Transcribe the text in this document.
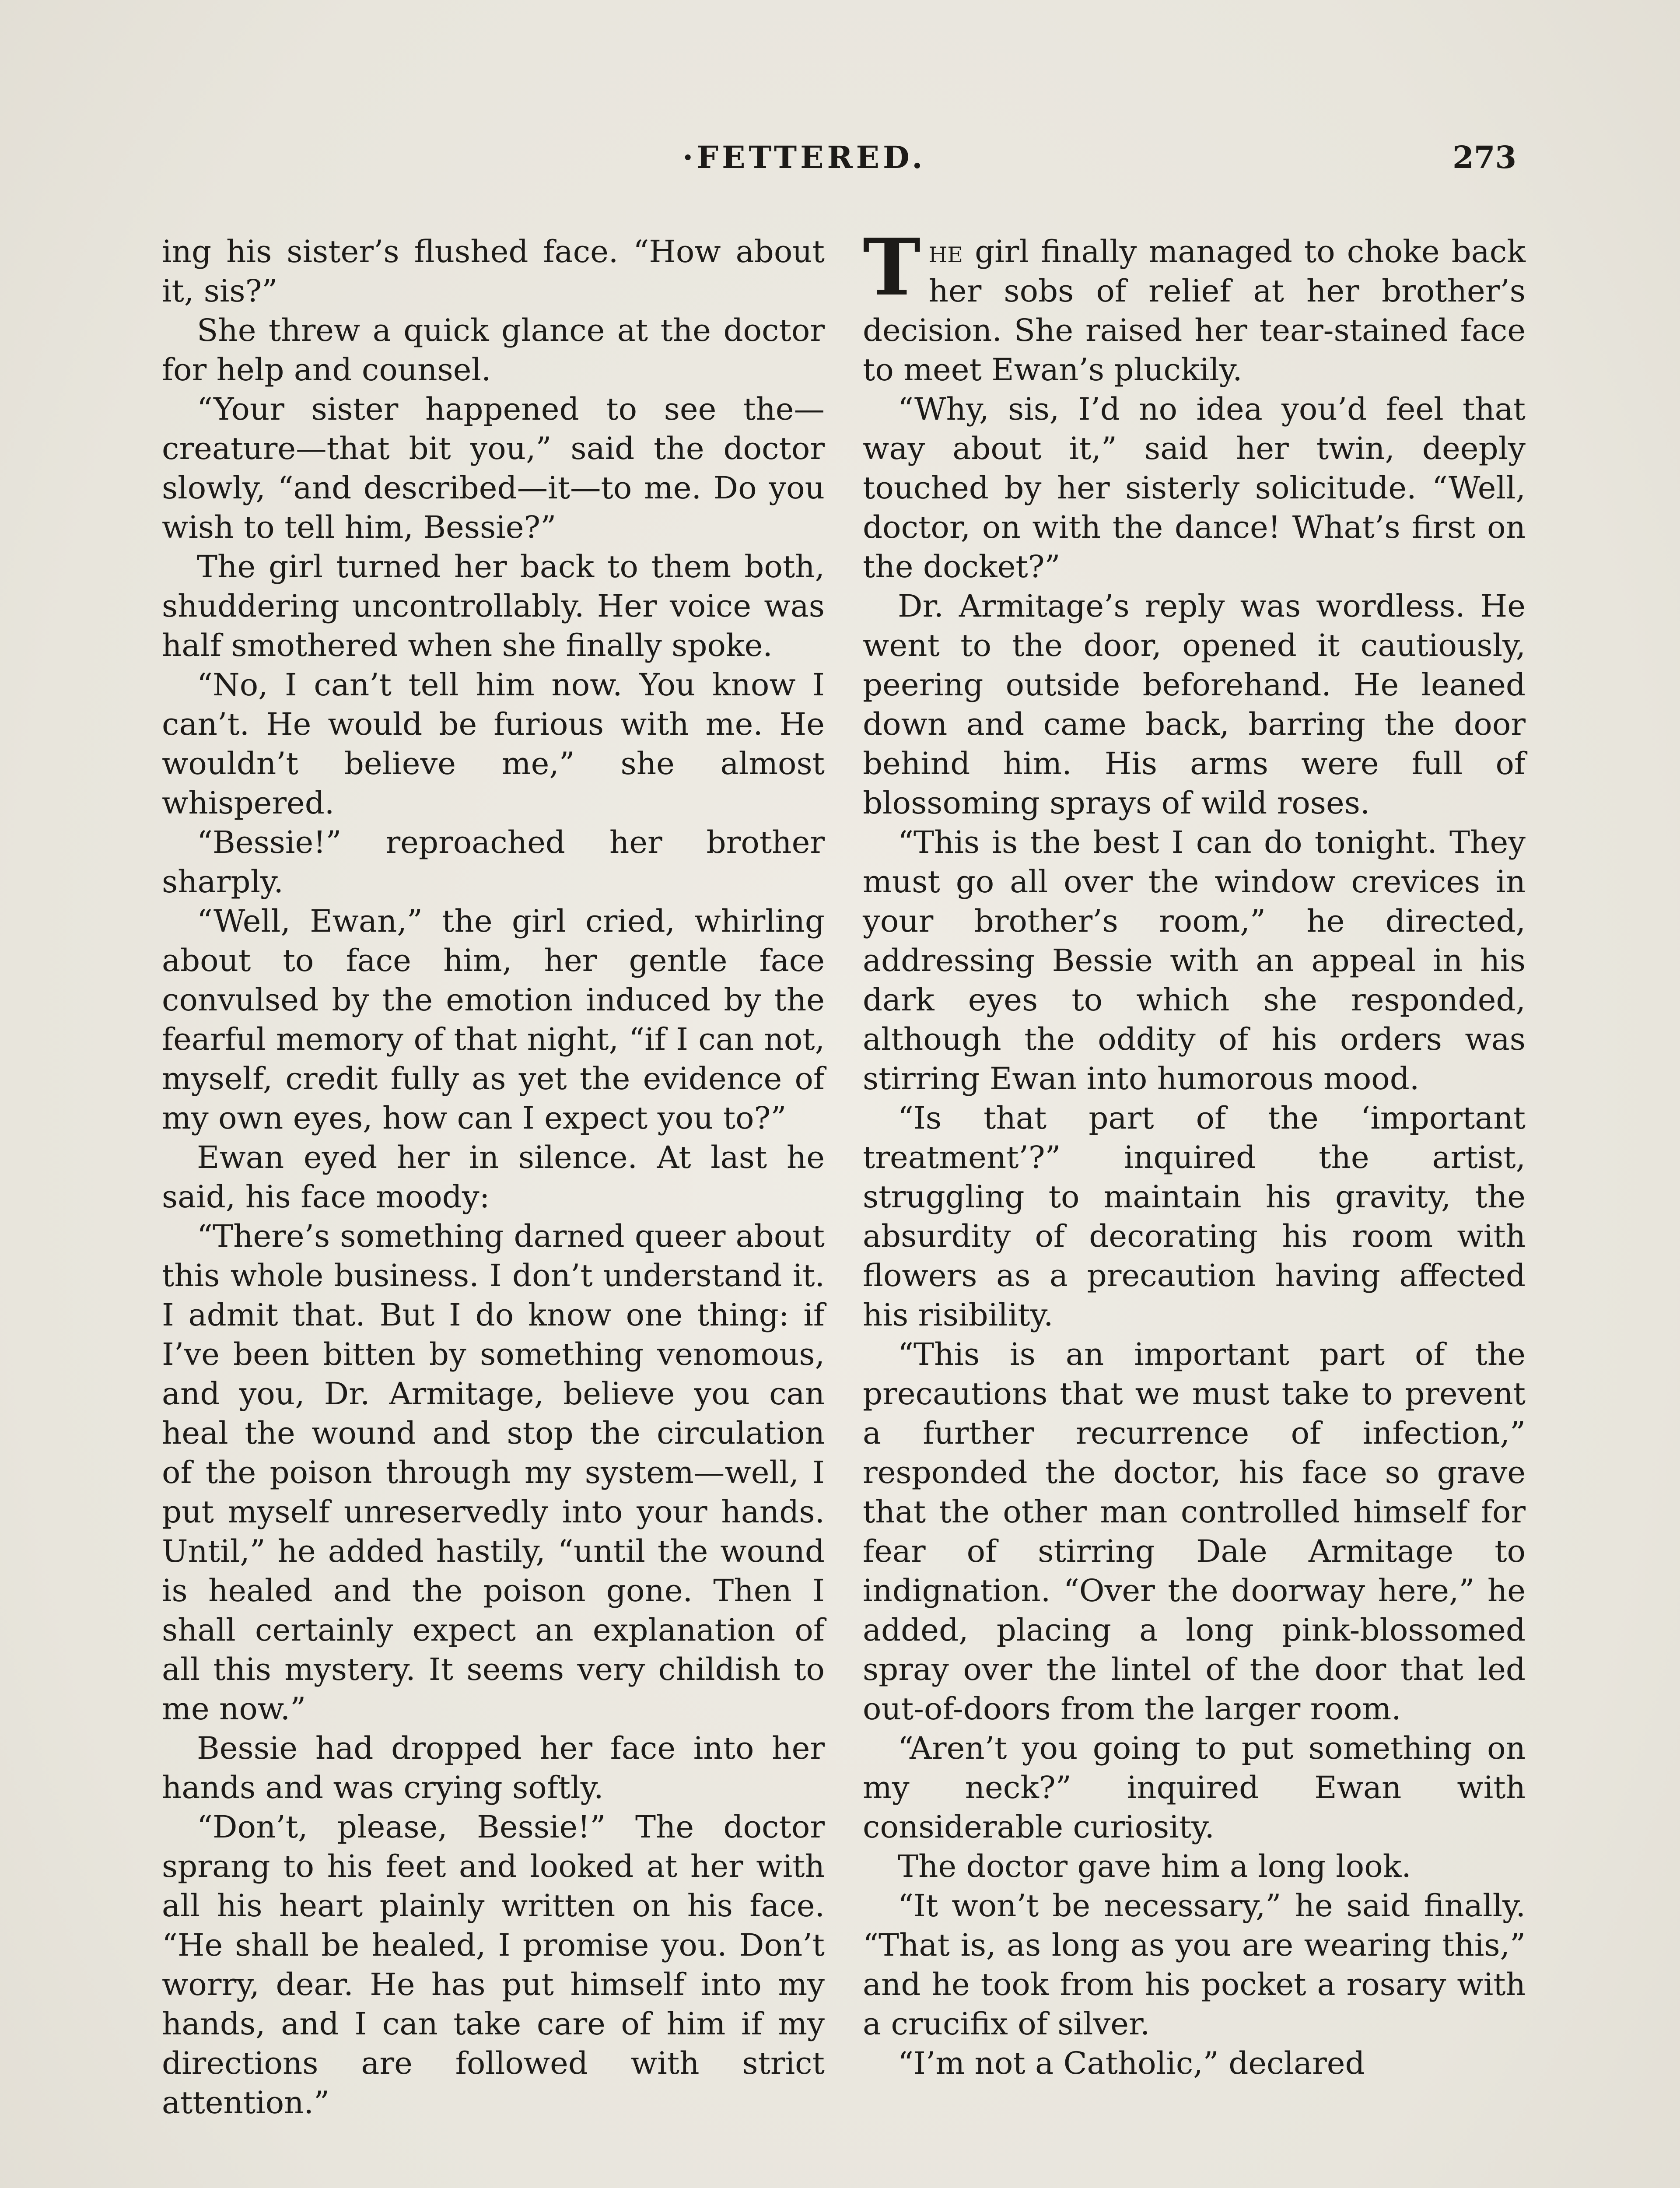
·FETTERED.	273

ing his sister’s flushed face. “How about it, sis?”

She threw a quick glance at the doctor for help and counsel.

“Your sister happened to see the—creature—that bit you,” said the doctor slowly, “and described—it—to me. Do you wish to tell him, Bessie?”

The girl turned her back to them both, shuddering uncontrollably. Her voice was half smothered when she finally spoke.

“No, I can’t tell him now. You know I can’t. He would be furious with me. He wouldn’t believe me,” she almost whispered.

“Bessie!” reproached her brother sharply.

“Well, Ewan,” the girl cried, whirling about to face him, her gentle face convulsed by the emotion induced by the fearful memory of that night, “if I can not, myself, credit fully as yet the evidence of my own eyes, how can I expect you to?”

Ewan eyed her in silence. At last he said, his face moody:

“There’s something darned queer about this whole business. I don’t understand it. I admit that. But I do know one thing: if I’ve been bitten by something venomous, and you, Dr. Armitage, believe you can heal the wound and stop the circulation of the poison through my system—well, I put myself unreservedly into your hands. Until,” he added hastily, “until the wound is healed and the poison gone. Then I shall certainly expect an explanation of all this mystery. It seems very childish to me now.”

Bessie had dropped her face into her hands and was crying softly.

“Don’t, please, Bessie!” The doctor sprang to his feet and looked at her with all his heart plainly written on his face. “He shall be healed, I promise you. Don’t worry, dear. He has put himself into my hands, and I can take care of him if my directions are followed with strict attention.”

The girl finally managed to choke back her sobs of relief at her brother’s decision. She raised her tear-stained face to meet Ewan’s pluckily.

“Why, sis, I’d no idea you’d feel that way about it,” said her twin, deeply touched by her sisterly solicitude. “Well, doctor, on with the dance! What’s first on the docket?”

Dr. Armitage’s reply was wordless. He went to the door, opened it cautiously, peering outside beforehand. He leaned down and came back, barring the door behind him. His arms were full of blossoming sprays of wild roses.

“This is the best I can do tonight. They must go all over the window crevices in your brother’s room,” he directed, addressing Bessie with an appeal in his dark eyes to which she responded, although the oddity of his orders was stirring Ewan into humorous mood.

“Is that part of the ‘important treatment’?” inquired the artist, struggling to maintain his gravity, the absurdity of decorating his room with flowers as a precaution having affected his risibility.

“This is an important part of the precautions that we must take to prevent a further recurrence of infection,” responded the doctor, his face so grave that the other man controlled himself for fear of stirring Dale Armitage to indignation. “Over the doorway here,” he added, placing a long pink-blossomed spray over the lintel of the door that led out-of-doors from the larger room.

“Aren’t you going to put something on my neck?” inquired Ewan with considerable curiosity.

The doctor gave him a long look.

“It won’t be necessary,” he said finally. “That is, as long as you are wearing this,” and he took from his pocket a rosary with a crucifix of silver.

“I’m not a Catholic,” declared
